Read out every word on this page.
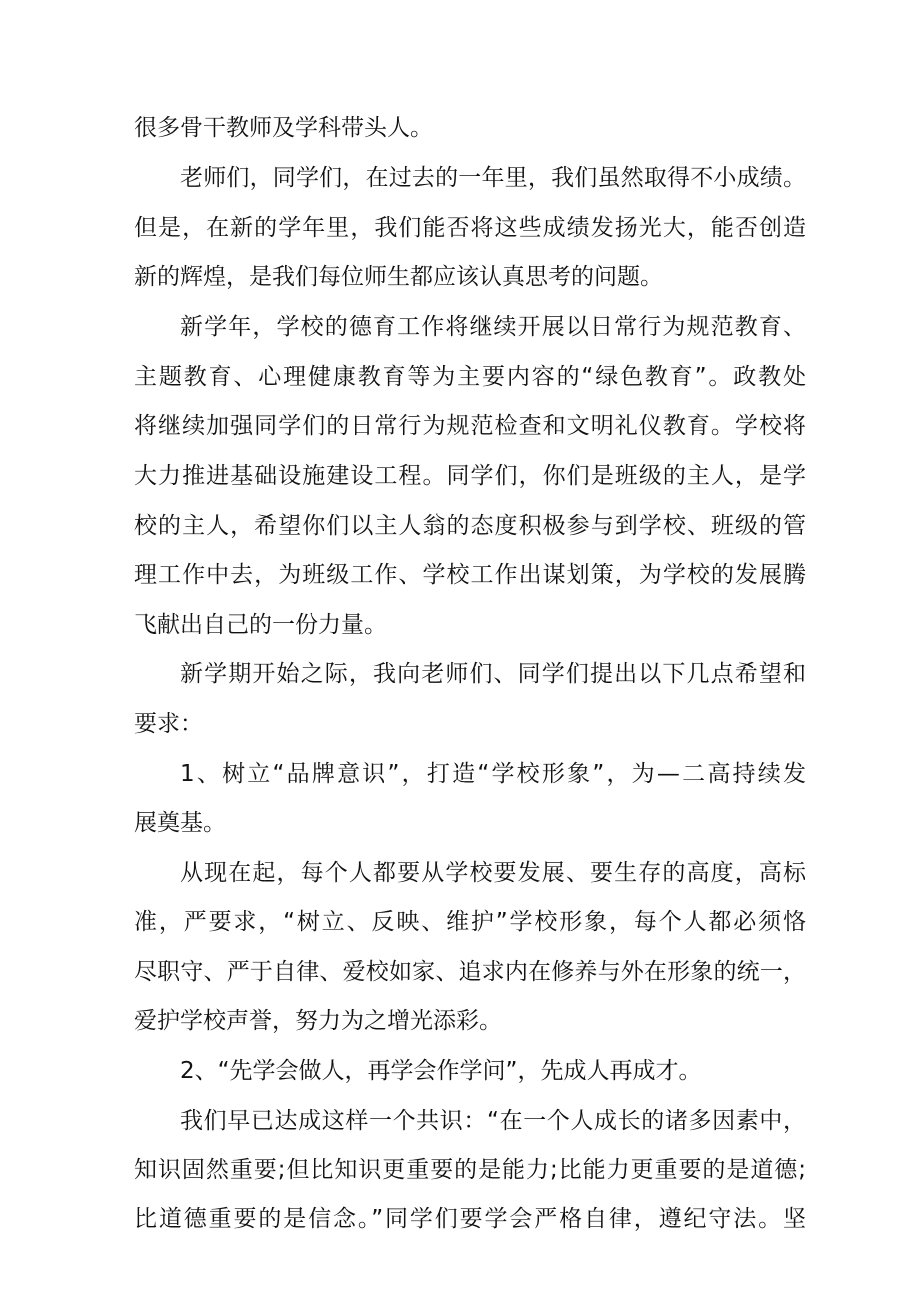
很多骨干教师及学科带头人。
老师们，同学们，在过去的一年里，我们虽然取得不小成绩。
但是，在新的学年里，我们能否将这些成绩发扬光大，能否创造
新的辉煌，是我们每位师生都应该认真思考的问题。
新学年，学校的德育工作将继续开展以日常行为规范教育、
主题教育、心理健康教育等为主要内容的“绿色教育”。政教处
将继续加强同学们的日常行为规范检查和文明礼仪教育。学校将
大力推进基础设施建设工程。同学们，你们是班级的主人，是学
校的主人，希望你们以主人翁的态度积极参与到学校、班级的管
理工作中去，为班级工作、学校工作出谋划策，为学校的发展腾
飞献出自己的一份力量。
新学期开始之际，我向老师们、同学们提出以下几点希望和
要求：
1、树立“品牌意识”，打造“学校形象”，为—二高持续发
展奠基。
从现在起，每个人都要从学校要发展、要生存的高度，高标
准，严要求，“树立、反映、维护”学校形象，每个人都必须恪
尽职守、严于自律、爱校如家、追求内在修养与外在形象的统一，
爱护学校声誉，努力为之增光添彩。
2、“先学会做人，再学会作学问”，先成人再成才。
我们早已达成这样一个共识：“在一个人成长的诸多因素中，
知识固然重要;但比知识更重要的是能力;比能力更重要的是道德;
比道德重要的是信念。”同学们要学会严格自律，遵纪守法。坚
